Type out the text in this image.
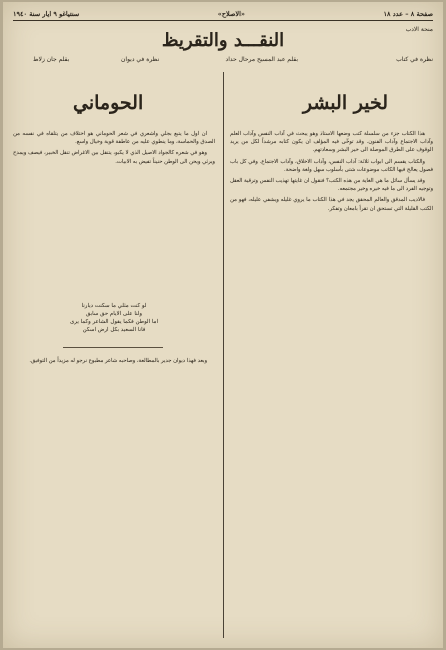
صفحة ٨ – عدد ١٨
«الاصلاح»
سنتياغو ٩ ايار سنة ١٩٤٠
منحة الادب
النقـــد والتقريظ
نظرة في كتاب
بقلم عبد المسيح مرحال حداد
نظرة في ديوان
بقلم جان زلاط
لخير البشر
الحوماني

هذا الكتاب جزء من سلسلة كتب وضعها الاستاذ وهو يبحث في آداب النفس وآداب العلم وآداب الاجتماع وآداب الفنون. وقد توخّى فيه المؤلف ان يكون كتابه مرشداً لكل من يريد الوقوف على الطرق الموصلة الى خير البشر وسعادتهم.

والكتاب يقسم الى ابواب ثلاثة: آداب النفس، وآداب الاخلاق، وآداب الاجتماع. وفي كل باب فصول يعالج فيها الكاتب موضوعات شتى بأسلوب سهل ولغة واضحة.

وقد يسأل سائل ما هي الغاية من هذه الكتب؟ فنقول ان غايتها تهذيب النفس وترقية العقل وتوجيه الفرد الى ما فيه خيره وخير مجتمعه.

فالاديب المدقق والعالم المحقق يجد في هذا الكتاب ما يروي غليله ويشفي عليله، فهو من الكتب القليلة التي تستحق ان تقرأ بامعان وتفكر.

ان اول ما يتبع بجلي واشعري في شعر الحوماني هو اختلاف من يتلقاه في نفسه من الصدق والحماسة، وما ينطوي عليه من عاطفة قوية وخيال واسع.

وهو في شعره كالجواد الاصيل الذي لا يكبو، يتنقل بين الاغراض تنقل الخبير، فيصف ويمدح ويرثي ويحن الى الوطن حنيناً تفيض به الابيات.

لو كنت مثلي ما سكنت ديارنا
ولنا على الايام حق سابق
اما الوطن فكما يقول الشاعر وكما يرى
فانا السعيد بكل ارض اسكن

وبعد فهذا ديوان جدير بالمطالعة، وصاحبه شاعر مطبوع نرجو له مزيداً من التوفيق.
